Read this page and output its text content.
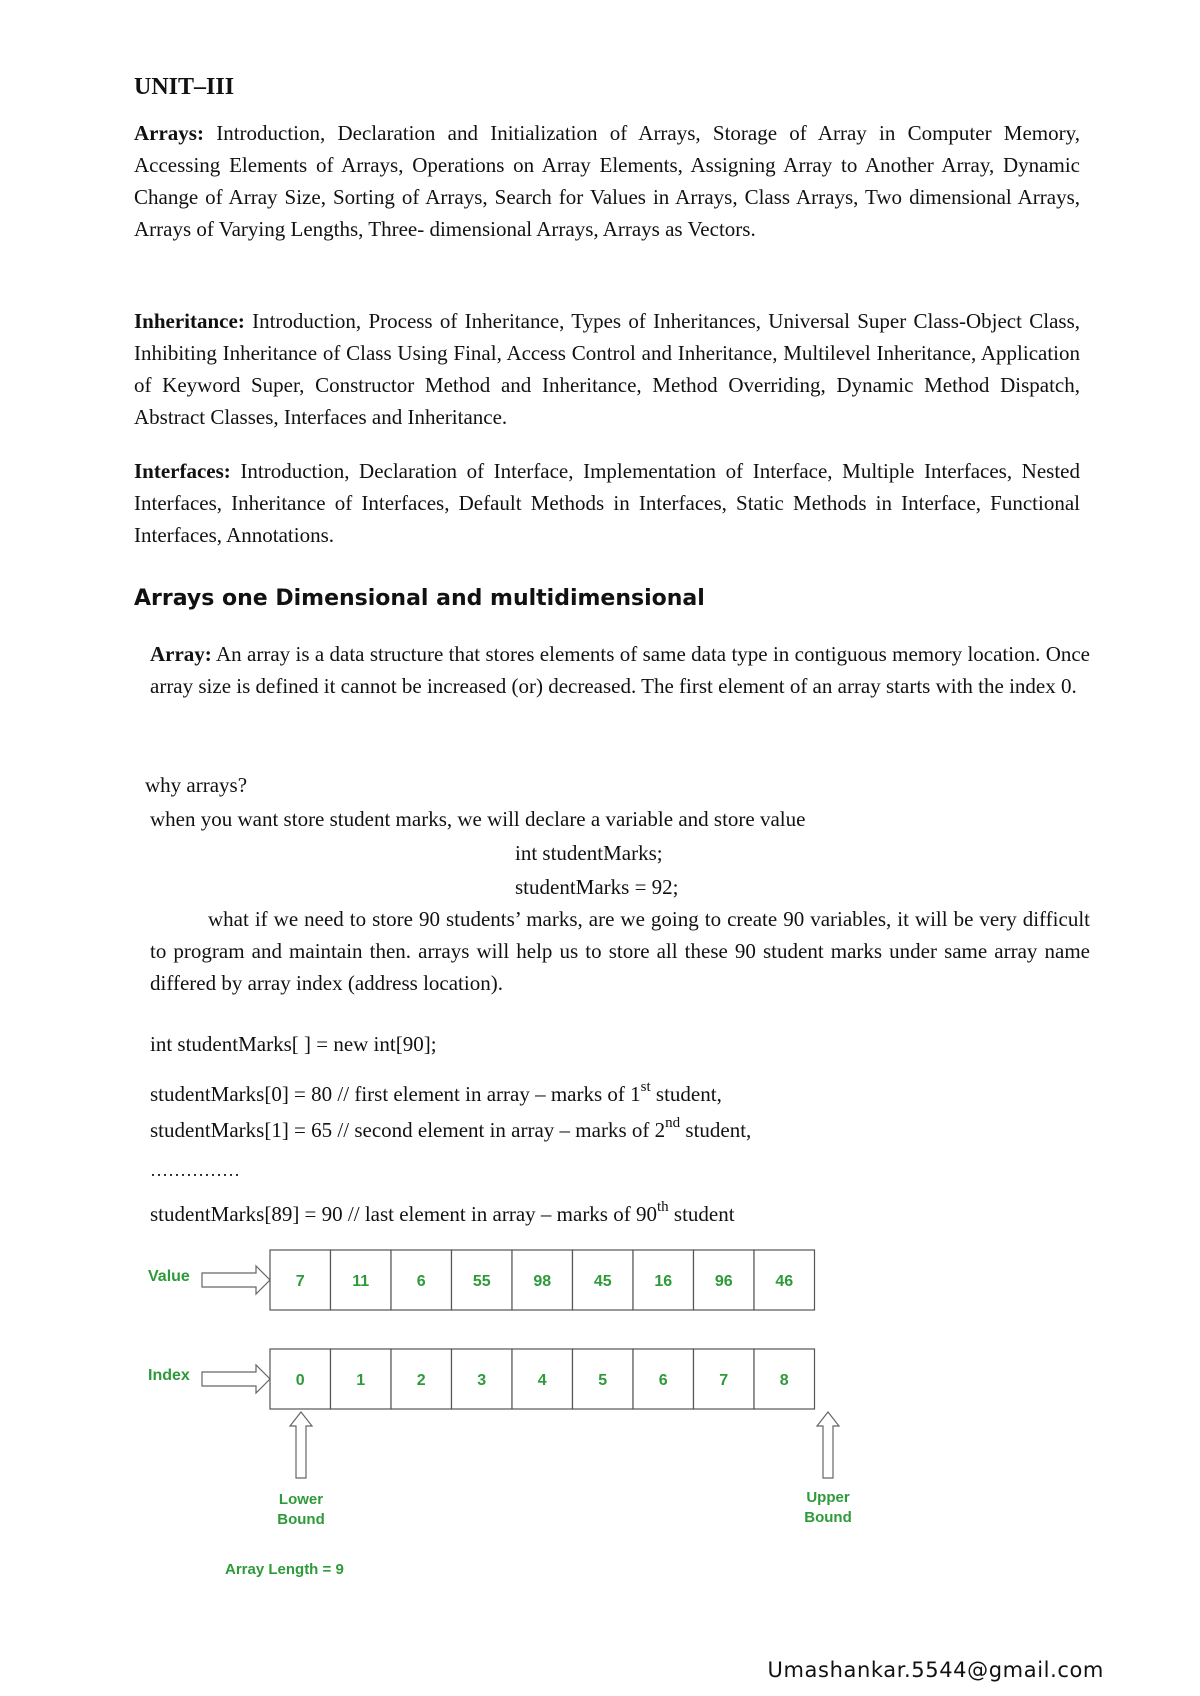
UNIT–III

Arrays: Introduction, Declaration and Initialization of Arrays, Storage of Array in Computer Memory, Accessing Elements of Arrays, Operations on Array Elements, Assigning Array to Another Array, Dynamic Change of Array Size, Sorting of Arrays, Search for Values in Arrays, Class Arrays, Two dimensional Arrays, Arrays of Varying Lengths, Three- dimensional Arrays, Arrays as Vectors.

Inheritance: Introduction, Process of Inheritance, Types of Inheritances, Universal Super Class-Object Class, Inhibiting Inheritance of Class Using Final, Access Control and Inheritance, Multilevel Inheritance, Application of Keyword Super, Constructor Method and Inheritance, Method Overriding, Dynamic Method Dispatch, Abstract Classes, Interfaces and Inheritance.

Interfaces: Introduction, Declaration of Interface, Implementation of Interface, Multiple Interfaces, Nested Interfaces, Inheritance of Interfaces, Default Methods in Interfaces, Static Methods in Interface, Functional Interfaces, Annotations.

Arrays one Dimensional and multidimensional

Array: An array is a data structure that stores elements of same data type in contiguous memory location. Once array size is defined it cannot be increased (or) decreased. The first element of an array starts with the index 0.

why arrays?

when you want store student marks, we will declare a variable and store value

int studentMarks;

studentMarks = 92;

what if we need to store 90 students’ marks, are we going to create 90 variables, it will be very difficult to program and maintain then. arrays will help us to store all these 90 student marks under same array name differed by array index (address location).

int studentMarks[ ] = new int[90];

studentMarks[0] = 80 // first element in array – marks of 1st student,

studentMarks[1] = 65 // second element in array – marks of 2nd student,

……………

studentMarks[89] = 90 // last element in array – marks of 90th student

Value	7	11	6	55	98	45	16	96	46
Index	0	1	2	3	4	5	6	7	8
Lower
Bound
Upper
Bound
Array Length = 9
Umashankar.5544@gmail.com
